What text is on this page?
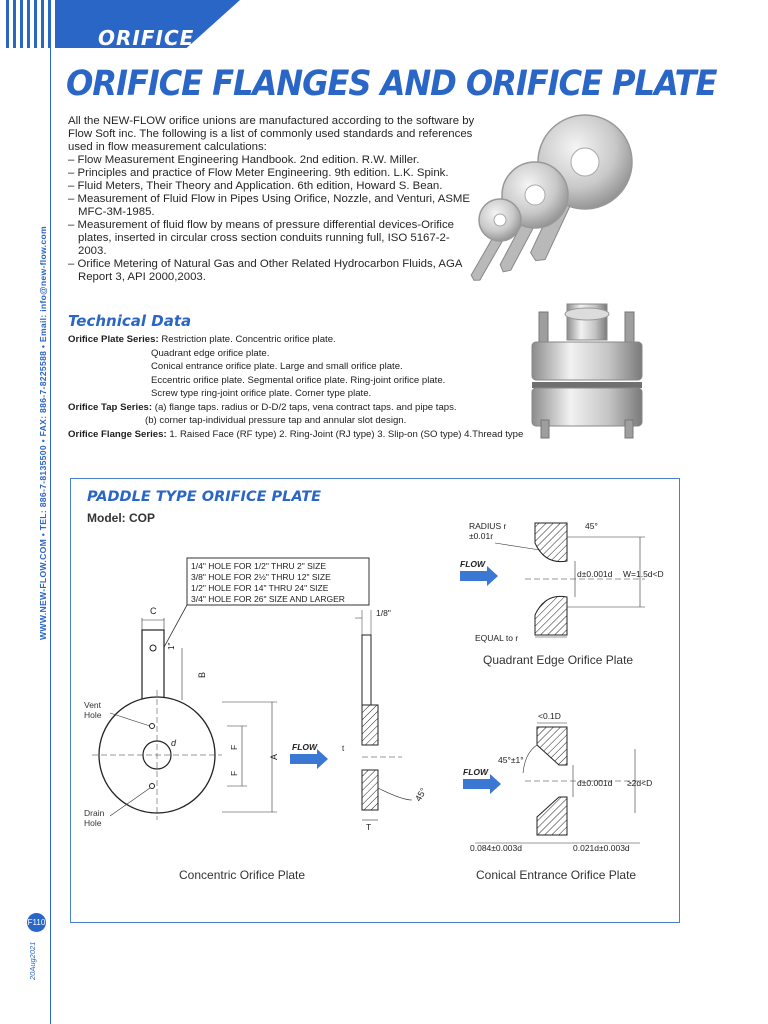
ORIFICE
ORIFICE FLANGES AND ORIFICE PLATE

All the NEW-FLOW orifice unions are manufactured according to the software by Flow Soft inc. The following is a list of commonly used standards and references used in flow measurement calculations:

– Flow Measurement Engineering Handbook. 2nd edition. R.W. Miller.
– Principles and practice of Flow Meter Engineering. 9th edition. L.K. Spink.
– Fluid Meters, Their Theory and Application. 6th edition, Howard S. Bean.
– Measurement of Fluid Flow in Pipes Using Orifice, Nozzle, and Venturi, ASME MFC-3M-1985.
– Measurement of fluid flow by means of pressure differential devices-Orifice plates, inserted in circular cross section conduits running full, ISO 5167-2-2003.
– Orifice Metering of Natural Gas and Other Related Hydrocarbon Fluids, AGA Report 3, API 2000,2003.
Technical Data
Orifice Plate Series: Restriction plate. Concentric orifice plate.
Quadrant edge orifice plate.
Conical entrance orifice plate. Large and small orifice plate.
Eccentric orifice plate. Segmental orifice plate. Ring-joint orifice plate.
Screw type ring-joint orifice plate. Corner type plate.
Orifice Tap Series: (a) flange taps. radius or D-D/2 taps, vena contract taps. and pipe taps.
(b) corner tap-individual pressure tap and annular slot design.
Orifice Flange Series: 1. Raised Face (RF type) 2. Ring-Joint (RJ type) 3. Slip-on (SO type) 4.Thread type
WWW.NEW-FLOW.COM • TEL: 886-7-8135500 • FAX: 886-7-8225588 • Email: info@new-flow.com
F110
20Aug2021
PADDLE TYPE ORIFICE PLATE
Model: COP
1/4" HOLE FOR 1/2" THRU 2" SIZE
3/8" HOLE FOR 2½" THRU 12" SIZE
1/2" HOLE FOR 14" THRU 24" SIZE
3/4" HOLE FOR 26" SIZE AND LARGER
C
1"
B
d
Vent
Hole
Drain
Hole
F
F
A
FLOW
1/8"
t
T
45°
Concentric Orifice Plate
RADIUS r
±0.01r
45°
FLOW
d±0.001d W=1.5d<D
EQUAL to r
Quadrant Edge Orifice Plate
<0.1D
45°±1°
FLOW
d±0.001d ≥2d<D
0.084±0.003d	0.021d±0.003d
Conical Entrance Orifice Plate
